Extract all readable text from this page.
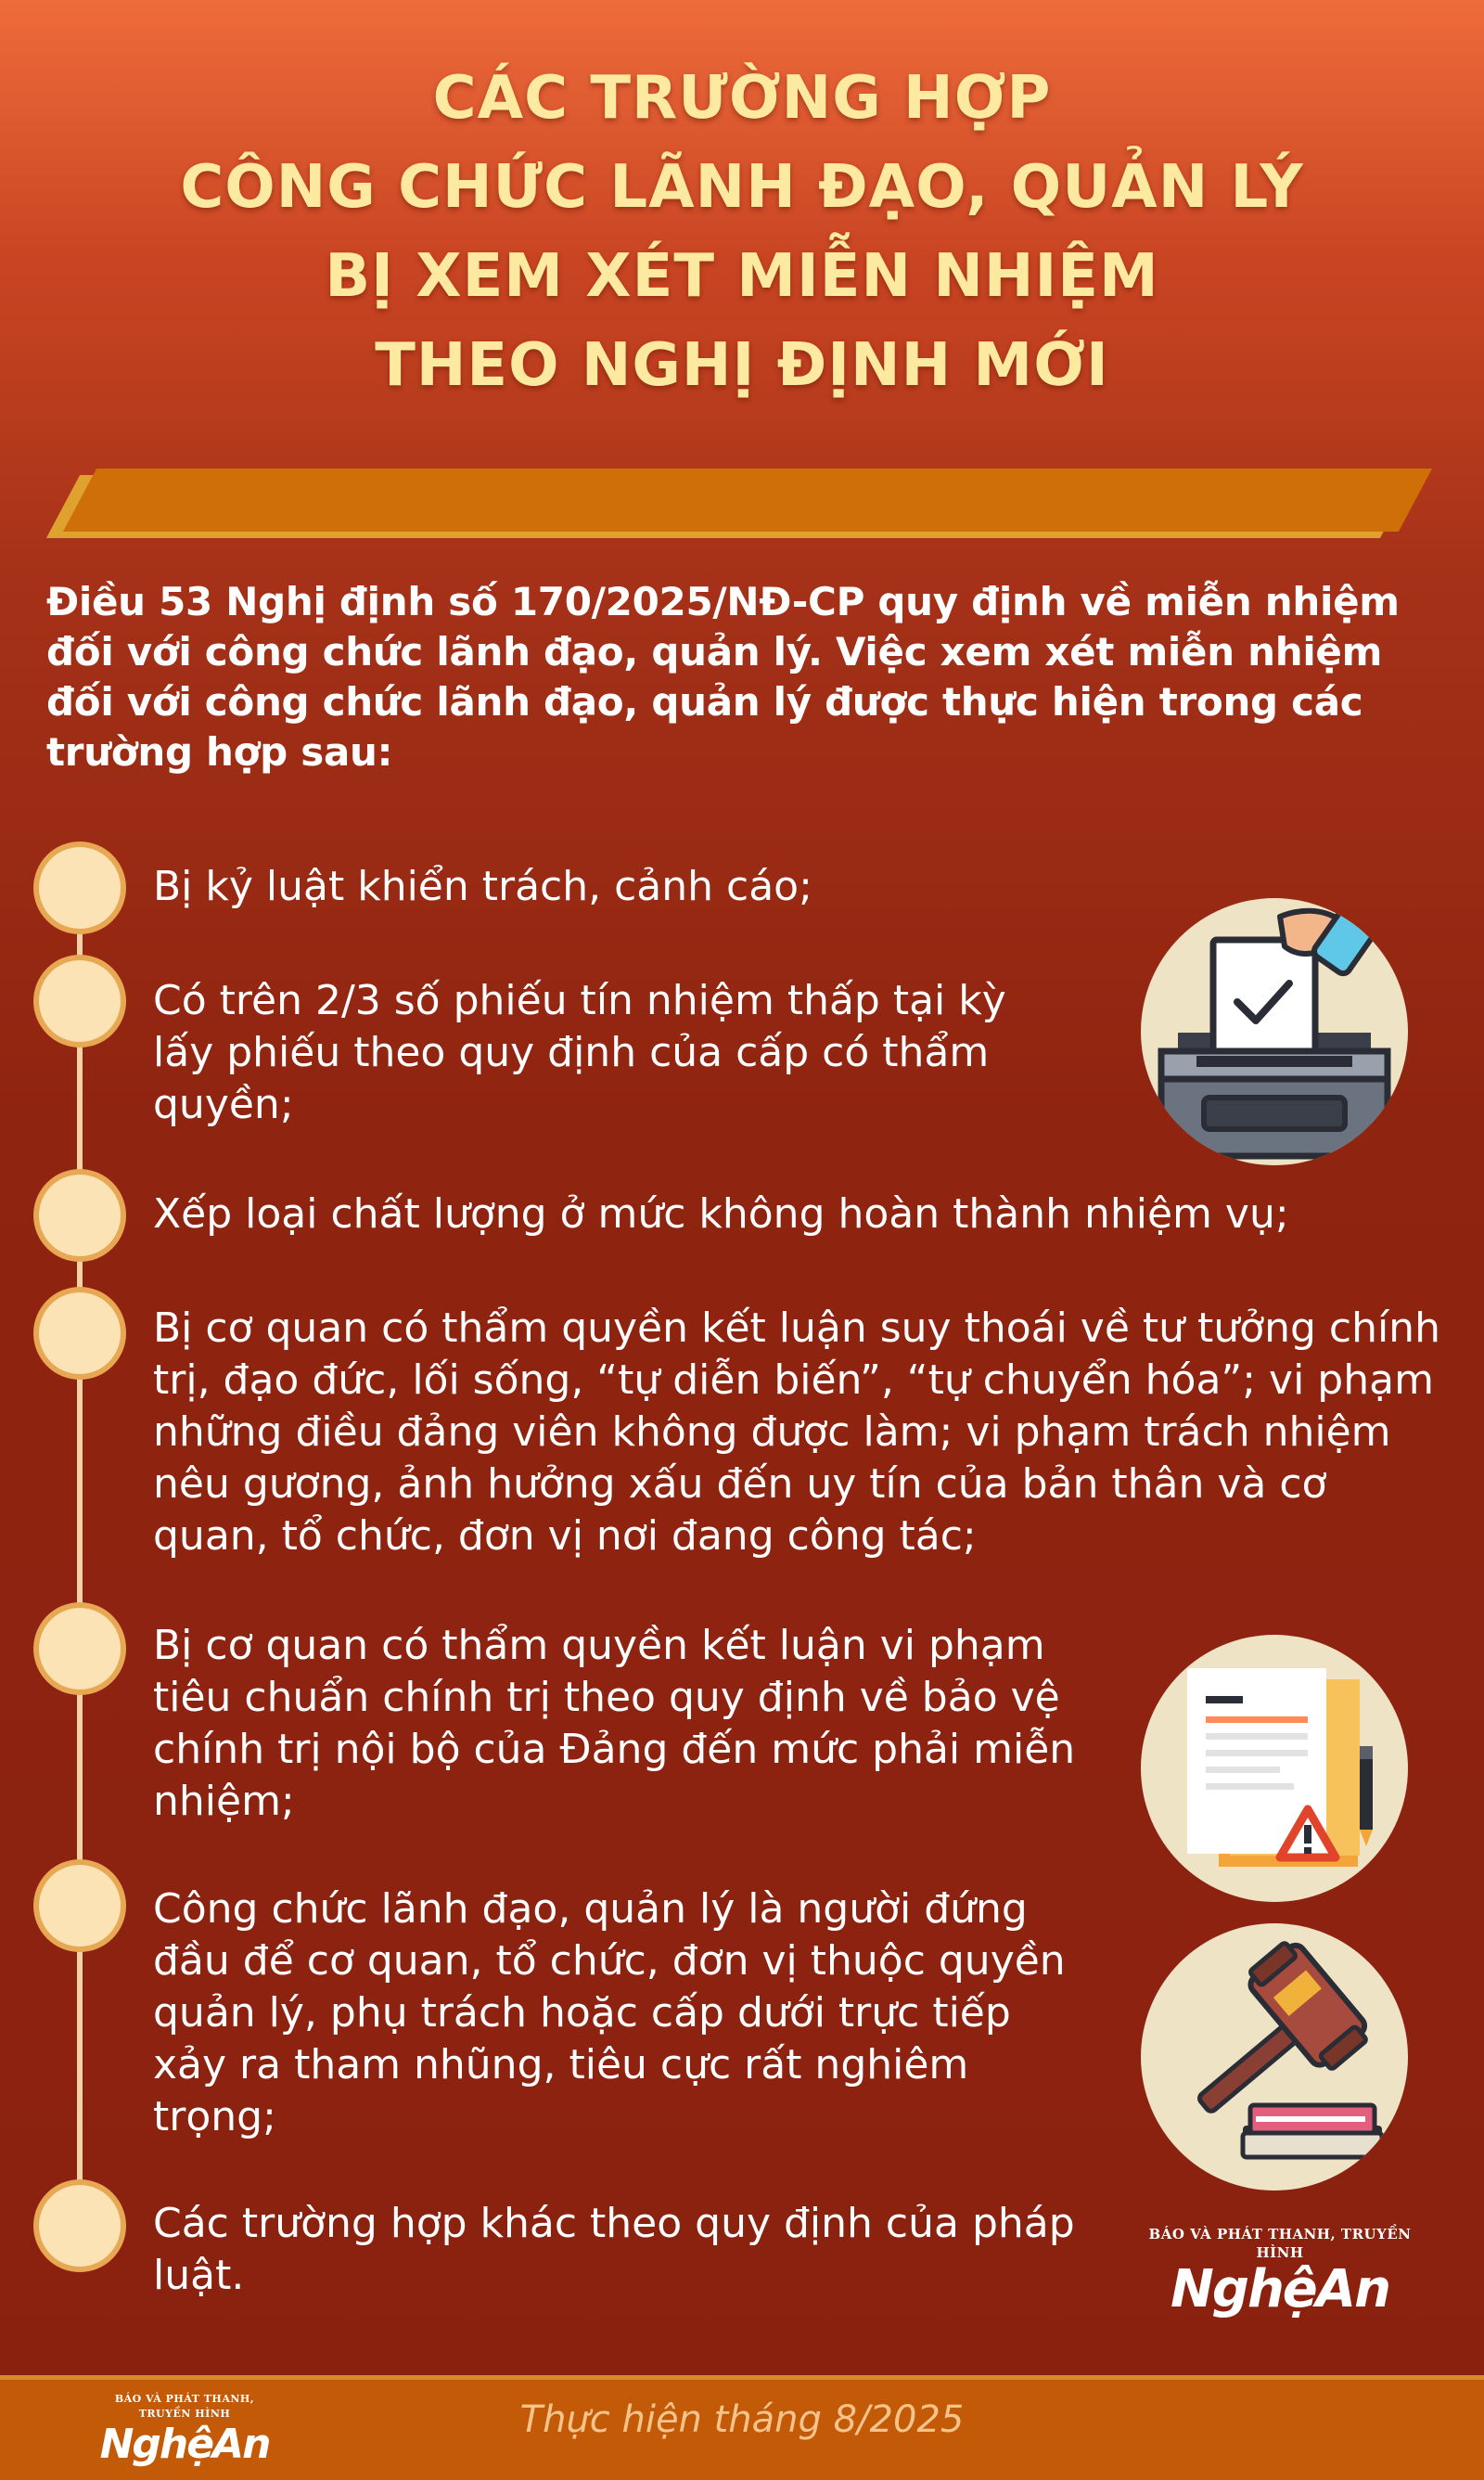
CÁC TRƯỜNG HỢP
CÔNG CHỨC LÃNH ĐẠO, QUẢN LÝ
BỊ XEM XÉT MIỄN NHIỆM
THEO NGHỊ ĐỊNH MỚI

Điều 53 Nghị định số 170/2025/NĐ-CP quy định về miễn nhiệm đối với công chức lãnh đạo, quản lý. Việc xem xét miễn nhiệm đối với công chức lãnh đạo, quản lý được thực hiện trong các trường hợp sau:

Bị kỷ luật khiển trách, cảnh cáo;

Có trên 2/3 số phiếu tín nhiệm thấp tại kỳ lấy phiếu theo quy định của cấp có thẩm quyền;

Xếp loại chất lượng ở mức không hoàn thành nhiệm vụ;

Bị cơ quan có thẩm quyền kết luận suy thoái về tư tưởng chính trị, đạo đức, lối sống, “tự diễn biến”, “tự chuyển hóa”; vi phạm những điều đảng viên không được làm; vi phạm trách nhiệm nêu gương, ảnh hưởng xấu đến uy tín của bản thân và cơ quan, tổ chức, đơn vị nơi đang công tác;

Bị cơ quan có thẩm quyền kết luận vi phạm tiêu chuẩn chính trị theo quy định về bảo vệ chính trị nội bộ của Đảng đến mức phải miễn nhiệm;

Công chức lãnh đạo, quản lý là người đứng đầu để cơ quan, tổ chức, đơn vị thuộc quyền quản lý, phụ trách hoặc cấp dưới trực tiếp xảy ra tham nhũng, tiêu cực rất nghiêm trọng;

Các trường hợp khác theo quy định của pháp luật.

BÁO VÀ PHÁT THANH, TRUYỀN HÌNH
NghệAn
BÁO VÀ PHÁT THANH, TRUYỀN HÌNH
NghệAn
Thực hiện tháng 8/2025
